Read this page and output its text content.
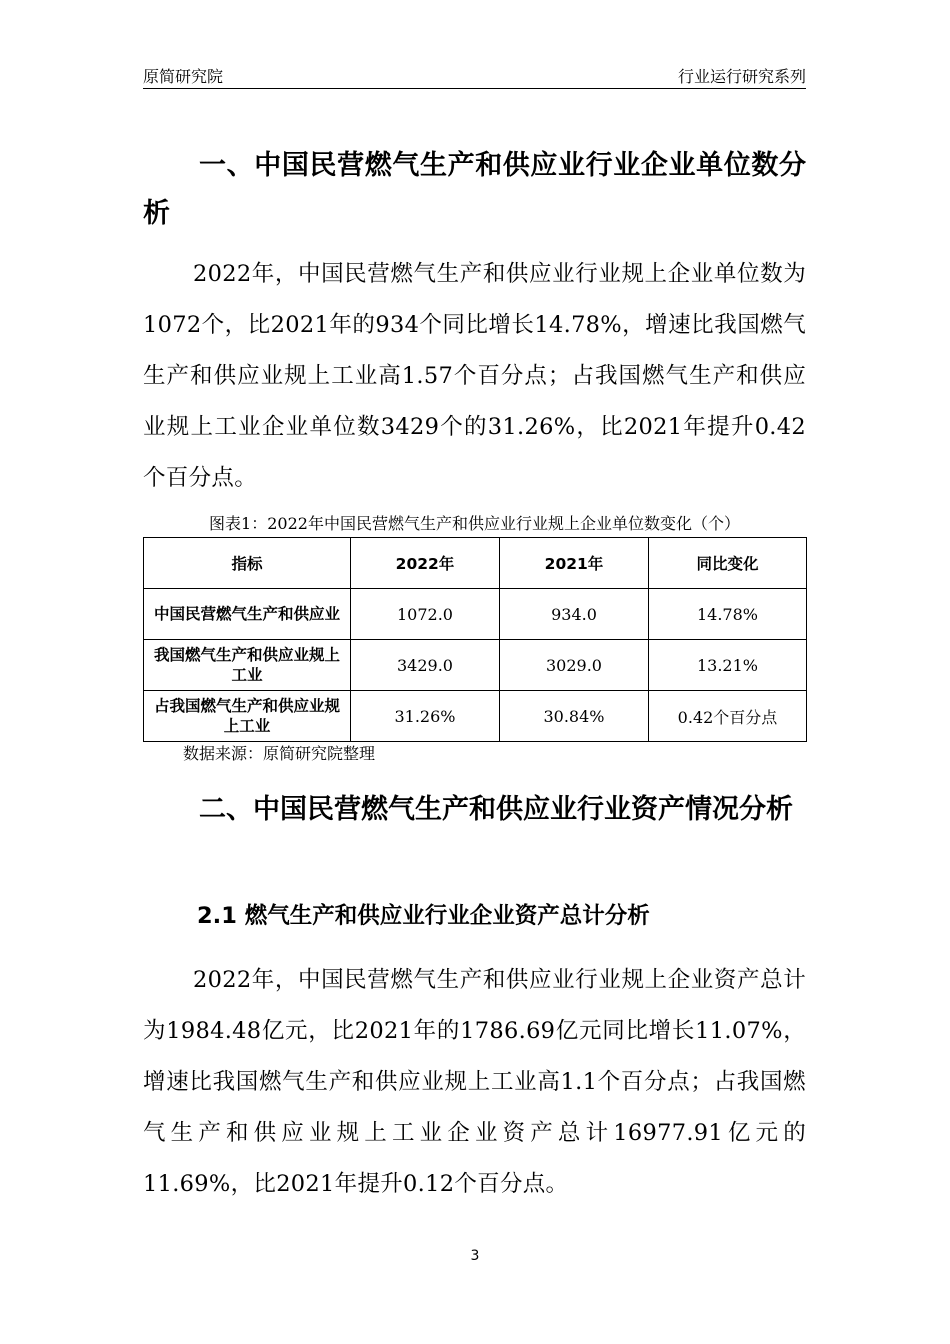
原简研究院	行业运行研究系列
一、中国民营燃气生产和供应业行业企业单位数分析

2022年，中国民营燃气生产和供应业行业规上企业单位数为1072个，比2021年的934个同比增长14.78%，增速比我国燃气生产和供应业规上工业高1.57个百分点；占我国燃气生产和供应业规上工业企业单位数3429个的31.26%，比2021年提升0.42个百分点。

图表1：2022年中国民营燃气生产和供应业行业规上企业单位数变化（个）

指标	2022年	2021年	同比变化
中国民营燃气生产和供应业	1072.0	934.0	14.78%
我国燃气生产和供应业规上工业	3429.0	3029.0	13.21%
占我国燃气生产和供应业规上工业	31.26%	30.84%	0.42个百分点

数据来源：原简研究院整理

二、中国民营燃气生产和供应业行业资产情况分析
2.1 燃气生产和供应业行业企业资产总计分析

2022年，中国民营燃气生产和供应业行业规上企业资产总计为1984.48亿元，比2021年的1786.69亿元同比增长11.07%，增速比我国燃气生产和供应业规上工业高1.1个百分点；占我国燃气生产和供应业规上工业企业资产总计16977.91亿元的11.69%，比2021年提升0.12个百分点。

3
